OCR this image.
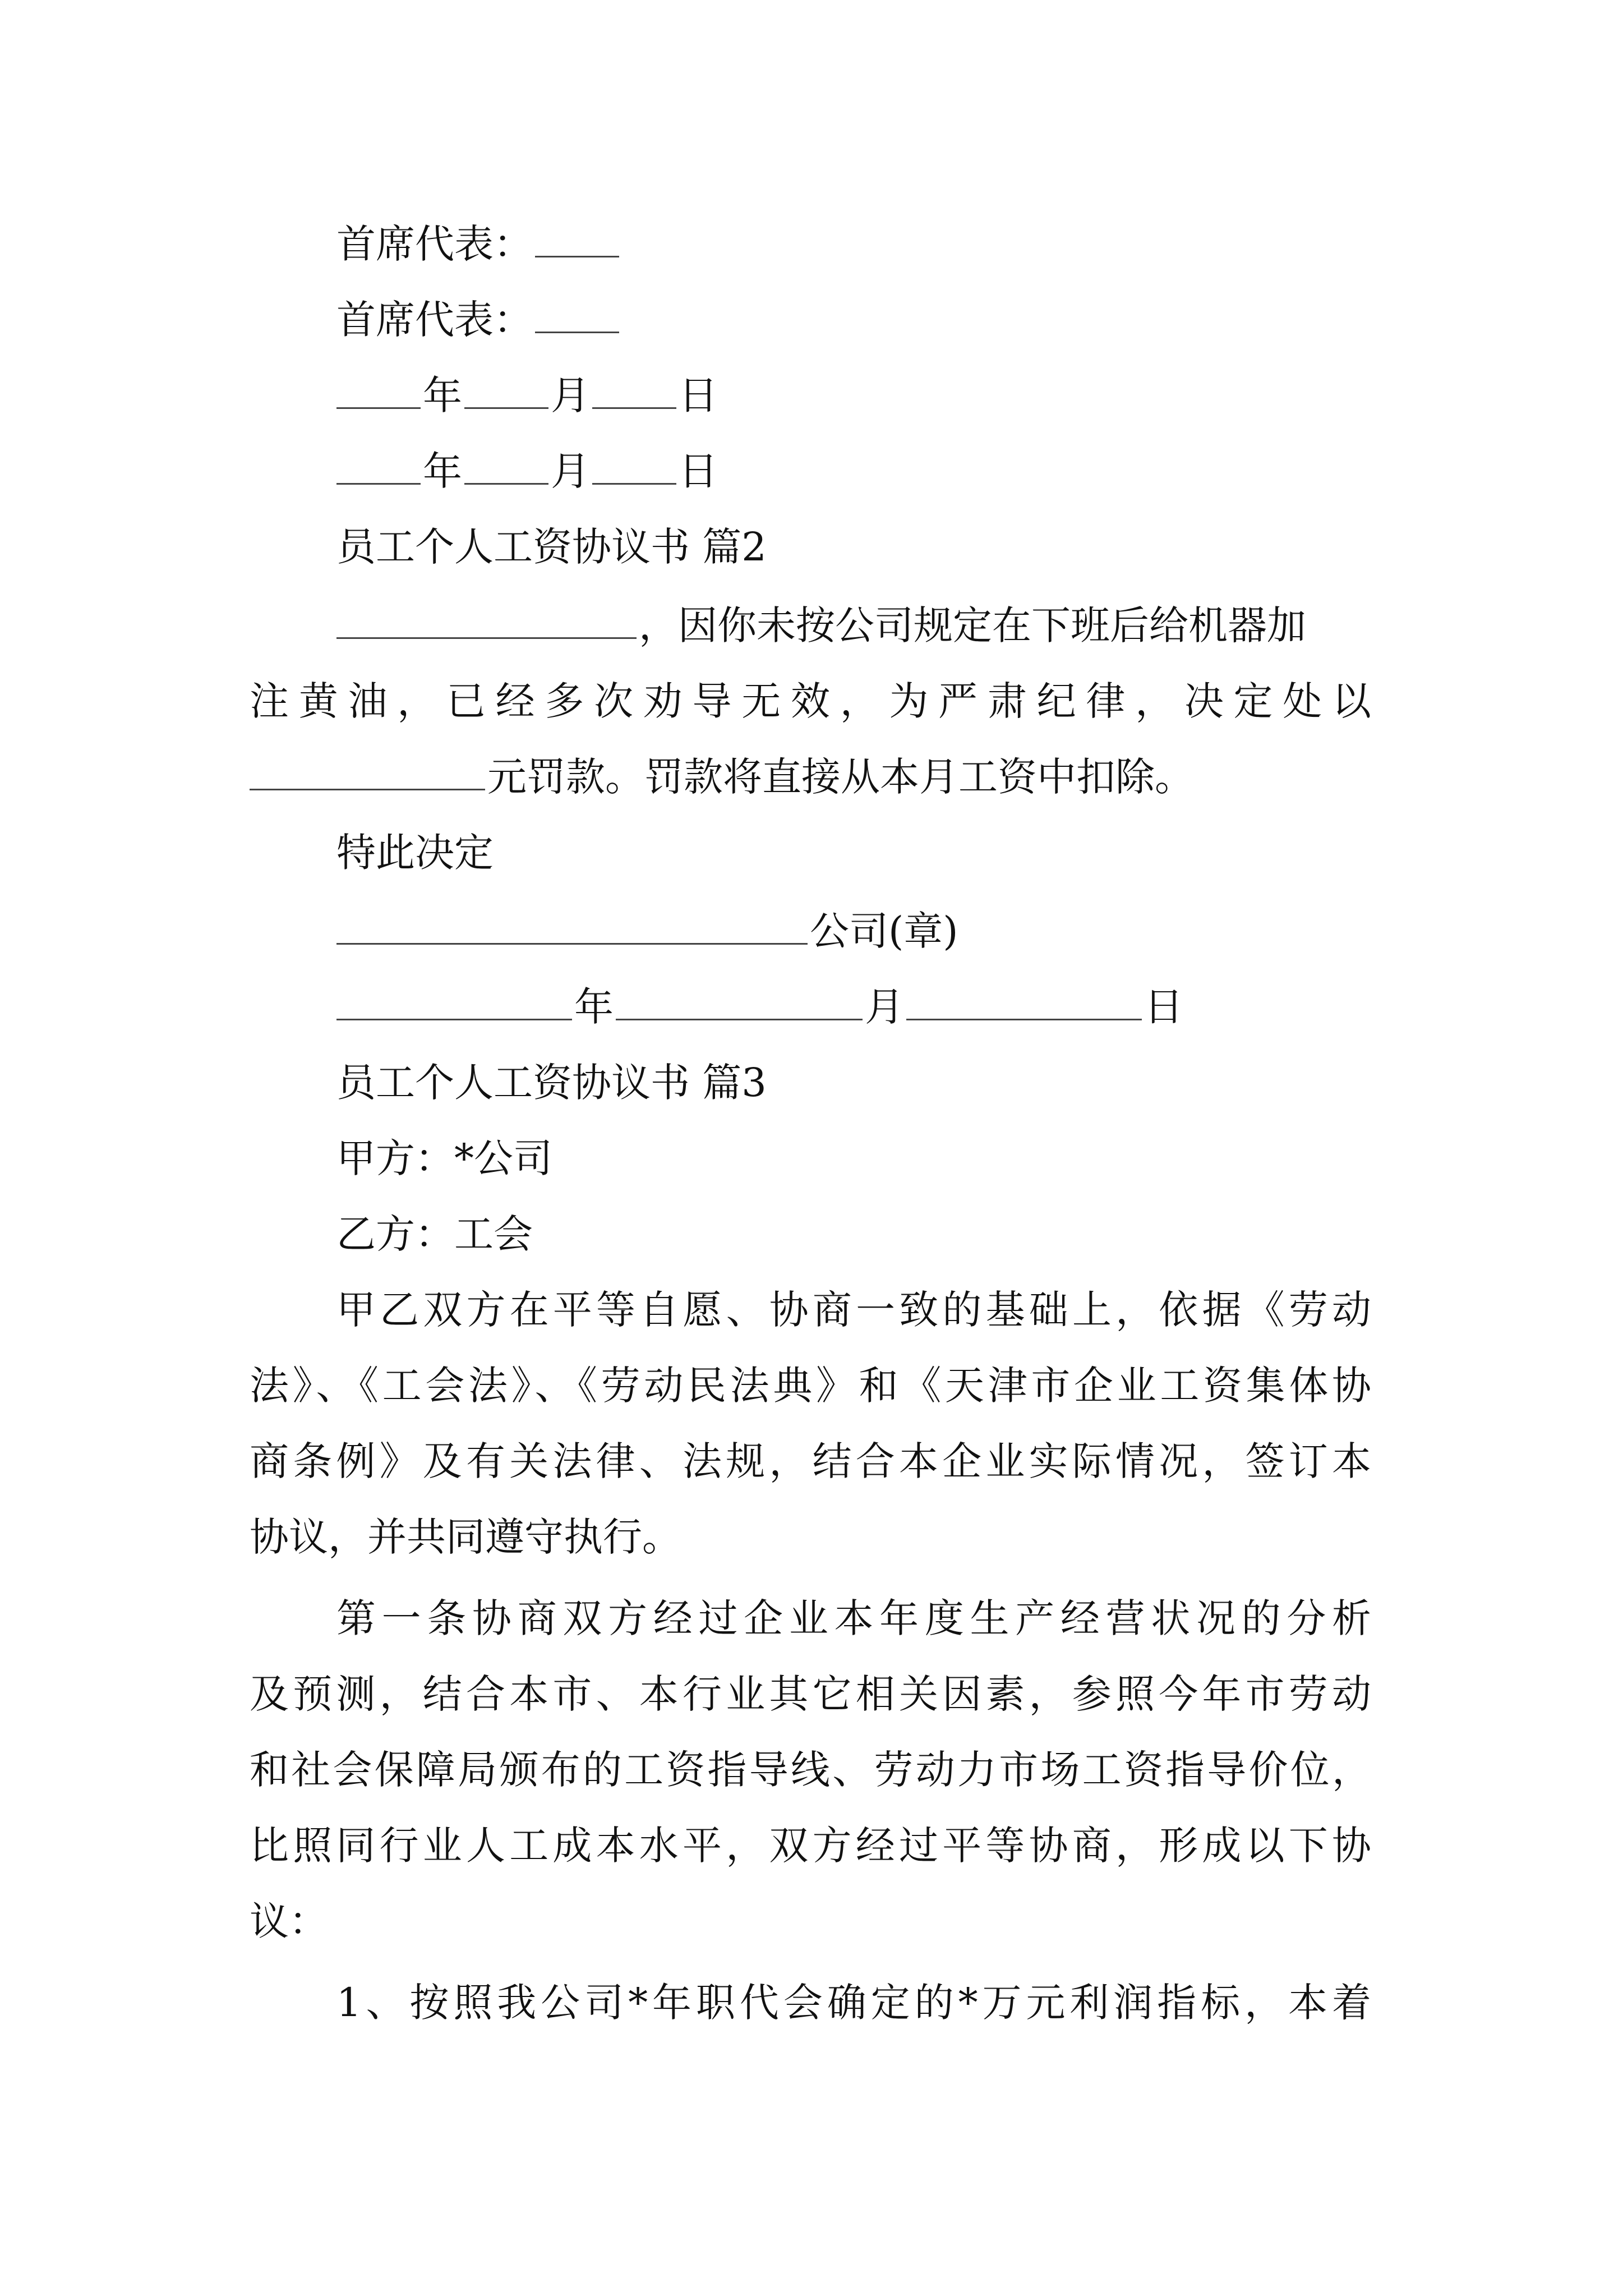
首席代表：
首席代表：
年 月 日
年 月 日
员工个人工资协议书 篇2
，因你未按公司规定在下班后给机器加
注黄油，已经多次劝导无效，为严肃纪律，决定处以
元罚款。罚款将直接从本月工资中扣除。
特此决定
公司(章)
年	月	日
员工个人工资协议书 篇3
甲方：*公司
乙方：工会
甲乙双方在平等自愿、协商一致的基础上，依据《劳动
法》、《工会法》、《劳动民法典》和《天津市企业工资集体协
商条例》及有关法律、法规，结合本企业实际情况，签订本
协议，并共同遵守执行。
第一条协商双方经过企业本年度生产经营状况的分析
及预测，结合本市、本行业其它相关因素，参照今年市劳动
和社会保障局颁布的工资指导线、劳动力市场工资指导价位，
比照同行业人工成本水平，双方经过平等协商，形成以下协
议：
1、按照我公司*年职代会确定的*万元利润指标，本着
